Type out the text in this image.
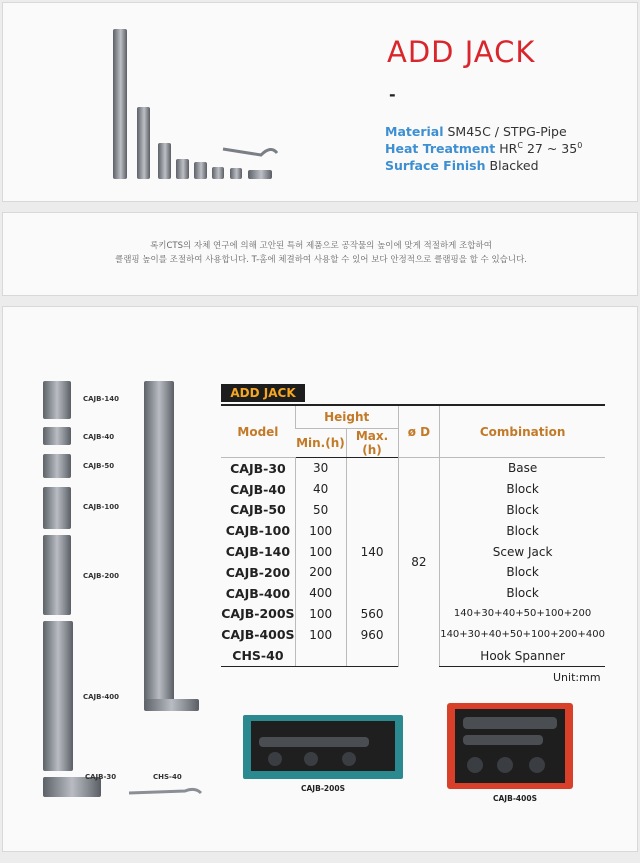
ADD JACK
-
Material SM45C / STPG-Pipe
Heat Treatment $HR^C$ 27 ~ $35^0$
Surface Finish Blacked
록키CTS의 자체 연구에 의해 고안된 특허 제품으로 공작물의 높이에 맞게 적절하게 조합하여
클램핑 높이를 조절하여 사용합니다. T-홈에 체결하여 사용할 수 있어 보다 안정적으로 클램핑을 할 수 있습니다.
CAJB-140
CAJB-40
CAJB-50
CAJB-100
CAJB-200
CAJB-400
CAJB-30	CHS-40
ADD JACK
Model	Height		ø D	Combination
	Min.(h)	Max.(h)		
CAJB-30	30		82	Base
CAJB-40	40			Block
CAJB-50	50			Block
CAJB-100	100			Block
CAJB-140	100	140		Scew Jack
CAJB-200	200			Block
CAJB-400	400			Block
CAJB-200S	100	560		140+30+40+50+100+200
CAJB-400S	100	960		140+30+40+50+100+200+400
CHS-40				Hook Spanner
Unit:mm
CAJB-200S
CAJB-400S
